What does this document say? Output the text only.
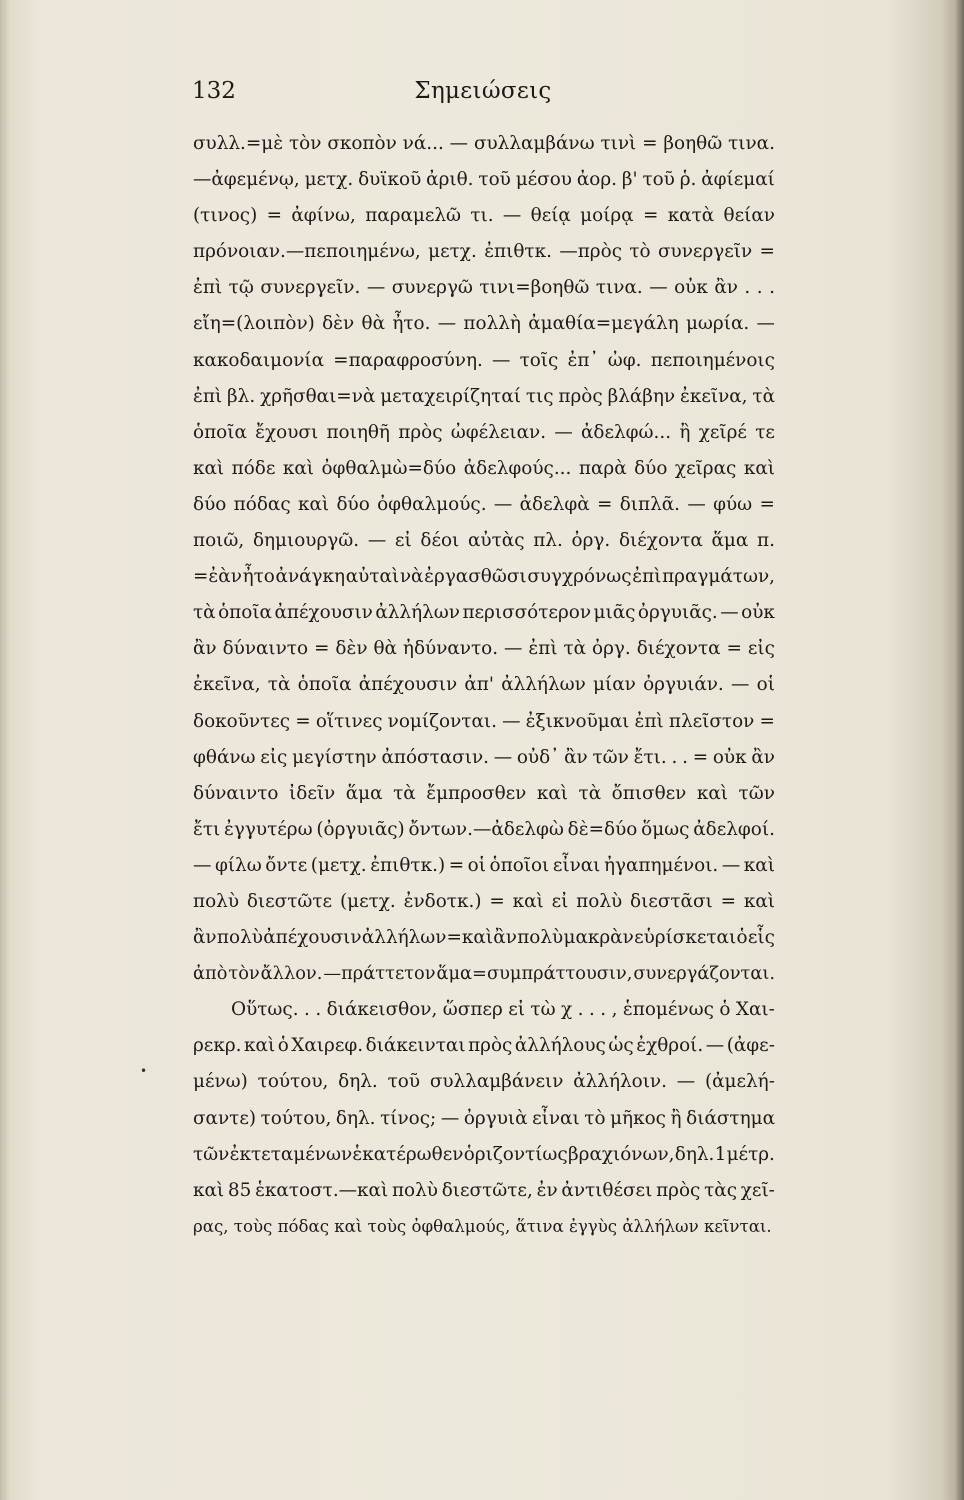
132	Σημειώσεις
•
συλλ.=μὲ τὸν σκοπὸν νά... — συλλαμβάνω τινὶ = βοηθῶ τινα.
—ἀφεμένῳ, μετχ. δυϊκοῦ ἀριθ. τοῦ μέσου ἀορ. β' τοῦ ῥ. ἀφίεμαί
(τινος) = ἀφίνω, παραμελῶ τι. — θείᾳ μοίρᾳ = κατὰ θείαν
πρόνοιαν.—πεποιημένω, μετχ. ἐπιθτκ. —πρὸς τὸ συνεργεῖν =
ἐπὶ τῷ συνεργεῖν. — συνεργῶ τινι=βοηθῶ τινα. — οὐκ ἂν . . .
εἴη=(λοιπὸν) δὲν θὰ ἦτο. — πολλὴ ἀμαθία=μεγάλη μωρία. —
κακοδαιμονία =παραφροσύνη. — τοῖς ἐπ᾽ ὠφ. πεποιημένοις
ἐπὶ βλ. χρῆσθαι=νὰ μεταχειρίζηταί τις πρὸς βλάβην ἐκεῖνα, τὰ
ὁποῖα ἔχουσι ποιηθῆ πρὸς ὠφέλειαν. — ἀδελφώ... ἢ χεῖρέ τε
καὶ πόδε καὶ ὀφθαλμὼ=δύο ἀδελφούς... παρὰ δύο χεῖρας καὶ
δύο πόδας καὶ δύο ὀφθαλμούς. — ἀδελφὰ = διπλᾶ. — φύω =
ποιῶ, δημιουργῶ. — εἰ δέοι αὐτὰς πλ. ὀργ. διέχοντα ἅμα π.
=ἐὰν ἦτο ἀνάγκη αὐταὶ νὰ ἐργασθῶσι συγχρόνως ἐπὶ πραγμάτων,
τὰ ὁποῖα ἀπέχουσιν ἀλλήλων περισσότερον μιᾶς ὀργυιᾶς. — οὐκ
ἂν δύναιντο = δὲν θὰ ἠδύναντο. — ἐπὶ τὰ ὀργ. διέχοντα = εἰς
ἐκεῖνα, τὰ ὁποῖα ἀπέχουσιν ἀπ' ἀλλήλων μίαν ὀργυιάν. — οἱ
δοκοῦντες = οἵτινες νομίζονται. — ἐξικνοῦμαι ἐπὶ πλεῖστον =
φθάνω εἰς μεγίστην ἀπόστασιν. — οὐδ᾽ ἂν τῶν ἔτι. . . = οὐκ ἂν
δύναιντο ἰδεῖν ἅμα τὰ ἔμπροσθεν καὶ τὰ ὄπισθεν καὶ τῶν
ἔτι ἐγγυτέρω (ὀργυιᾶς) ὄντων.—ἀδελφὼ δὲ=δύο ὅμως ἀδελφοί.
— φίλω ὄντε (μετχ. ἐπιθτκ.) = οἱ ὁποῖοι εἶναι ἠγαπημένοι. — καὶ
πολὺ διεστῶτε (μετχ. ἐνδοτκ.) = καὶ εἰ πολὺ διεστᾶσι = καὶ
ἂν πολὺ ἀπέχουσιν ἀλλήλων=καὶ ἂν πολὺ μακρὰν εὑρίσκεται ὁ εἷς
ἀπὸ τὸν ἄλλον. —πράττετον ἅμα=συμπράττουσιν, συνεργάζονται.
Οὕτως. . . διάκεισθον, ὥσπερ εἰ τὼ χ . . . , ἑπομένως ὁ Χαι-
ρεκρ. καὶ ὁ Χαιρεφ. διάκεινται πρὸς ἀλλήλους ὡς ἐχθροί. — (ἀφε-
μένω) τούτου, δηλ. τοῦ συλλαμβάνειν ἀλλήλοιν. — (ἀμελή-
σαντε) τούτου, δηλ. τίνος; — ὀργυιὰ εἶναι τὸ μῆκος ἢ διάστημα
τῶν ἐκτεταμένων ἑκατέρωθεν ὁριζοντίως βραχιόνων, δηλ. 1 μέτρ.
καὶ 85 ἑκατοστ.—καὶ πολὺ διεστῶτε, ἐν ἀντιθέσει πρὸς τὰς χεῖ-
ρας, τοὺς πόδας καὶ τοὺς ὀφθαλμούς, ἅτινα ἐγγὺς ἀλλήλων κεῖνται.
